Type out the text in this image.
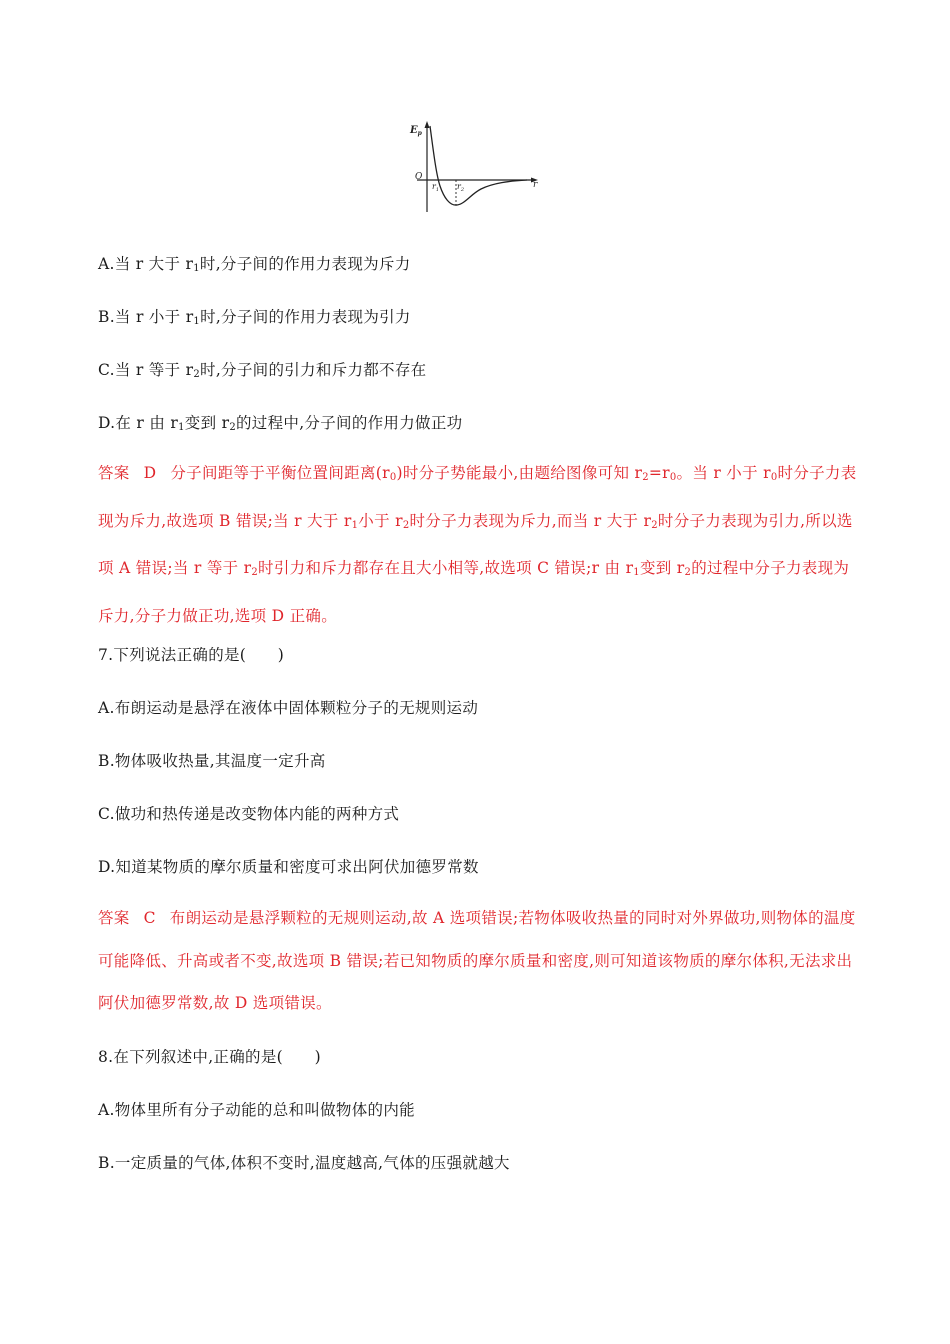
$E_p$
O
r
$r_1$ $r_2$
A.当 r 大于 $r_1$时,分子间的作用力表现为斥力
B.当 r 小于 $r_1$时,分子间的作用力表现为引力
C.当 r 等于 $r_2$时,分子间的引力和斥力都不存在
D.在 r 由 $r_1$变到 $r_2$的过程中,分子间的作用力做正功
答案 D 分子间距等于平衡位置间距离$(r_0)$时分子势能最小,由题给图像可知 $r_2=r_0$。当 r 小于 $r_0$时分子力表现为斥力,故选项 B 错误;当 r 大于 $r_1$小于 $r_2$时分子力表现为斥力,而当 r 大于 $r_2$时分子力表现为引力,所以选项 A 错误;当 r 等于 $r_2$时引力和斥力都存在且大小相等,故选项 C 错误;r 由 $r_1$变到 $r_2$的过程中分子力表现为斥力,分子力做正功,选项 D 正确。
7.下列说法正确的是(　　)
A.布朗运动是悬浮在液体中固体颗粒分子的无规则运动
B.物体吸收热量,其温度一定升高
C.做功和热传递是改变物体内能的两种方式
D.知道某物质的摩尔质量和密度可求出阿伏加德罗常数
答案 C 布朗运动是悬浮颗粒的无规则运动,故 A 选项错误;若物体吸收热量的同时对外界做功,则物体的温度可能降低、升高或者不变,故选项 B 错误;若已知物质的摩尔质量和密度,则可知道该物质的摩尔体积,无法求出阿伏加德罗常数,故 D 选项错误。
8.在下列叙述中,正确的是(　　)
A.物体里所有分子动能的总和叫做物体的内能
B.一定质量的气体,体积不变时,温度越高,气体的压强就越大
